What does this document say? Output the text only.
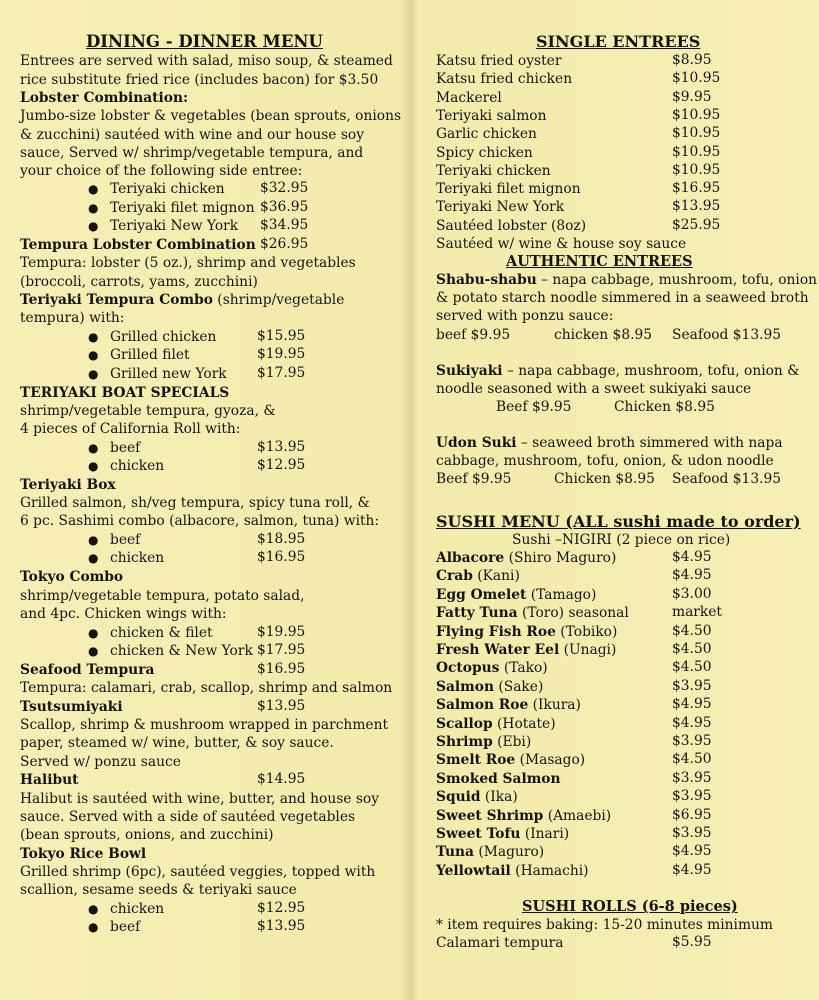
DINING - DINNER MENU
Entrees are served with salad, miso soup, & steamed
rice substitute fried rice (includes bacon) for $3.50
Lobster Combination:
Jumbo-size lobster & vegetables (bean sprouts, onions
& zucchini) sautéed with wine and our house soy
sauce, Served w/ shrimp/vegetable tempura, and
your choice of the following side entree:
● Teriyaki chicken	$32.95
● Teriyaki filet mignon $36.95
● Teriyaki New York $34.95
Tempura Lobster Combination $26.95
Tempura: lobster (5 oz.), shrimp and vegetables
(broccoli, carrots, yams, zucchini)
Teriyaki Tempura Combo (shrimp/vegetable
tempura) with:
● Grilled chicken	$15.95
● Grilled filet	$19.95
● Grilled new York $17.95
TERIYAKI BOAT SPECIALS
shrimp/vegetable tempura, gyoza, &
4 pieces of California Roll with:
● beef	$13.95
● chicken	$12.95
Teriyaki Box
Grilled salmon, sh/veg tempura, spicy tuna roll, &
6 pc. Sashimi combo (albacore, salmon, tuna) with:
● beef	$18.95
● chicken	$16.95
Tokyo Combo
shrimp/vegetable tempura, potato salad,
and 4pc. Chicken wings with:
● chicken & filet	$19.95
● chicken & New York $17.95
Seafood Tempura	$16.95
Tempura: calamari, crab, scallop, shrimp and salmon
Tsutsumiyaki	$13.95
Scallop, shrimp & mushroom wrapped in parchment
paper, steamed w/ wine, butter, & soy sauce.
Served w/ ponzu sauce
Halibut	$14.95
Halibut is sautéed with wine, butter, and house soy
sauce. Served with a side of sautéed vegetables
(bean sprouts, onions, and zucchini)
Tokyo Rice Bowl
Grilled shrimp (6pc), sautéed veggies, topped with
scallion, sesame seeds & teriyaki sauce
● chicken	$12.95
● beef	$13.95
SINGLE ENTREES
Katsu fried oyster	$8.95
Katsu fried chicken	$10.95
Mackerel	$9.95
Teriyaki salmon	$10.95
Garlic chicken	$10.95
Spicy chicken	$10.95
Teriyaki chicken	$10.95
Teriyaki filet mignon	$16.95
Teriyaki New York	$13.95
Sautéed lobster (8oz)	$25.95
Sautéed w/ wine & house soy sauce
AUTHENTIC ENTREES
Shabu-shabu – napa cabbage, mushroom, tofu, onion
& potato starch noodle simmered in a seaweed broth
served with ponzu sauce:
beef $9.95	chicken $8.95 Seafood $13.95
Sukiyaki – napa cabbage, mushroom, tofu, onion &
noodle seasoned with a sweet sukiyaki sauce
Beef $9.95	Chicken $8.95
Udon Suki – seaweed broth simmered with napa
cabbage, mushroom, tofu, onion, & udon noodle
Beef $9.95	Chicken $8.95 Seafood $13.95
SUSHI MENU (ALL sushi made to order)
Sushi –NIGIRI (2 piece on rice)
Albacore (Shiro Maguro)	$4.95
Crab (Kani)	$4.95
Egg Omelet (Tamago)	$3.00
Fatty Tuna (Toro) seasonal	market
Flying Fish Roe (Tobiko)	$4.50
Fresh Water Eel (Unagi)	$4.50
Octopus (Tako)	$4.50
Salmon (Sake)	$3.95
Salmon Roe (Ikura)	$4.95
Scallop (Hotate)	$4.95
Shrimp (Ebi)	$3.95
Smelt Roe (Masago)	$4.50
Smoked Salmon	$3.95
Squid (Ika)	$3.95
Sweet Shrimp (Amaebi)	$6.95
Sweet Tofu (Inari)	$3.95
Tuna (Maguro)	$4.95
Yellowtail (Hamachi)	$4.95
SUSHI ROLLS (6-8 pieces)
* item requires baking: 15-20 minutes minimum
Calamari tempura	$5.95
